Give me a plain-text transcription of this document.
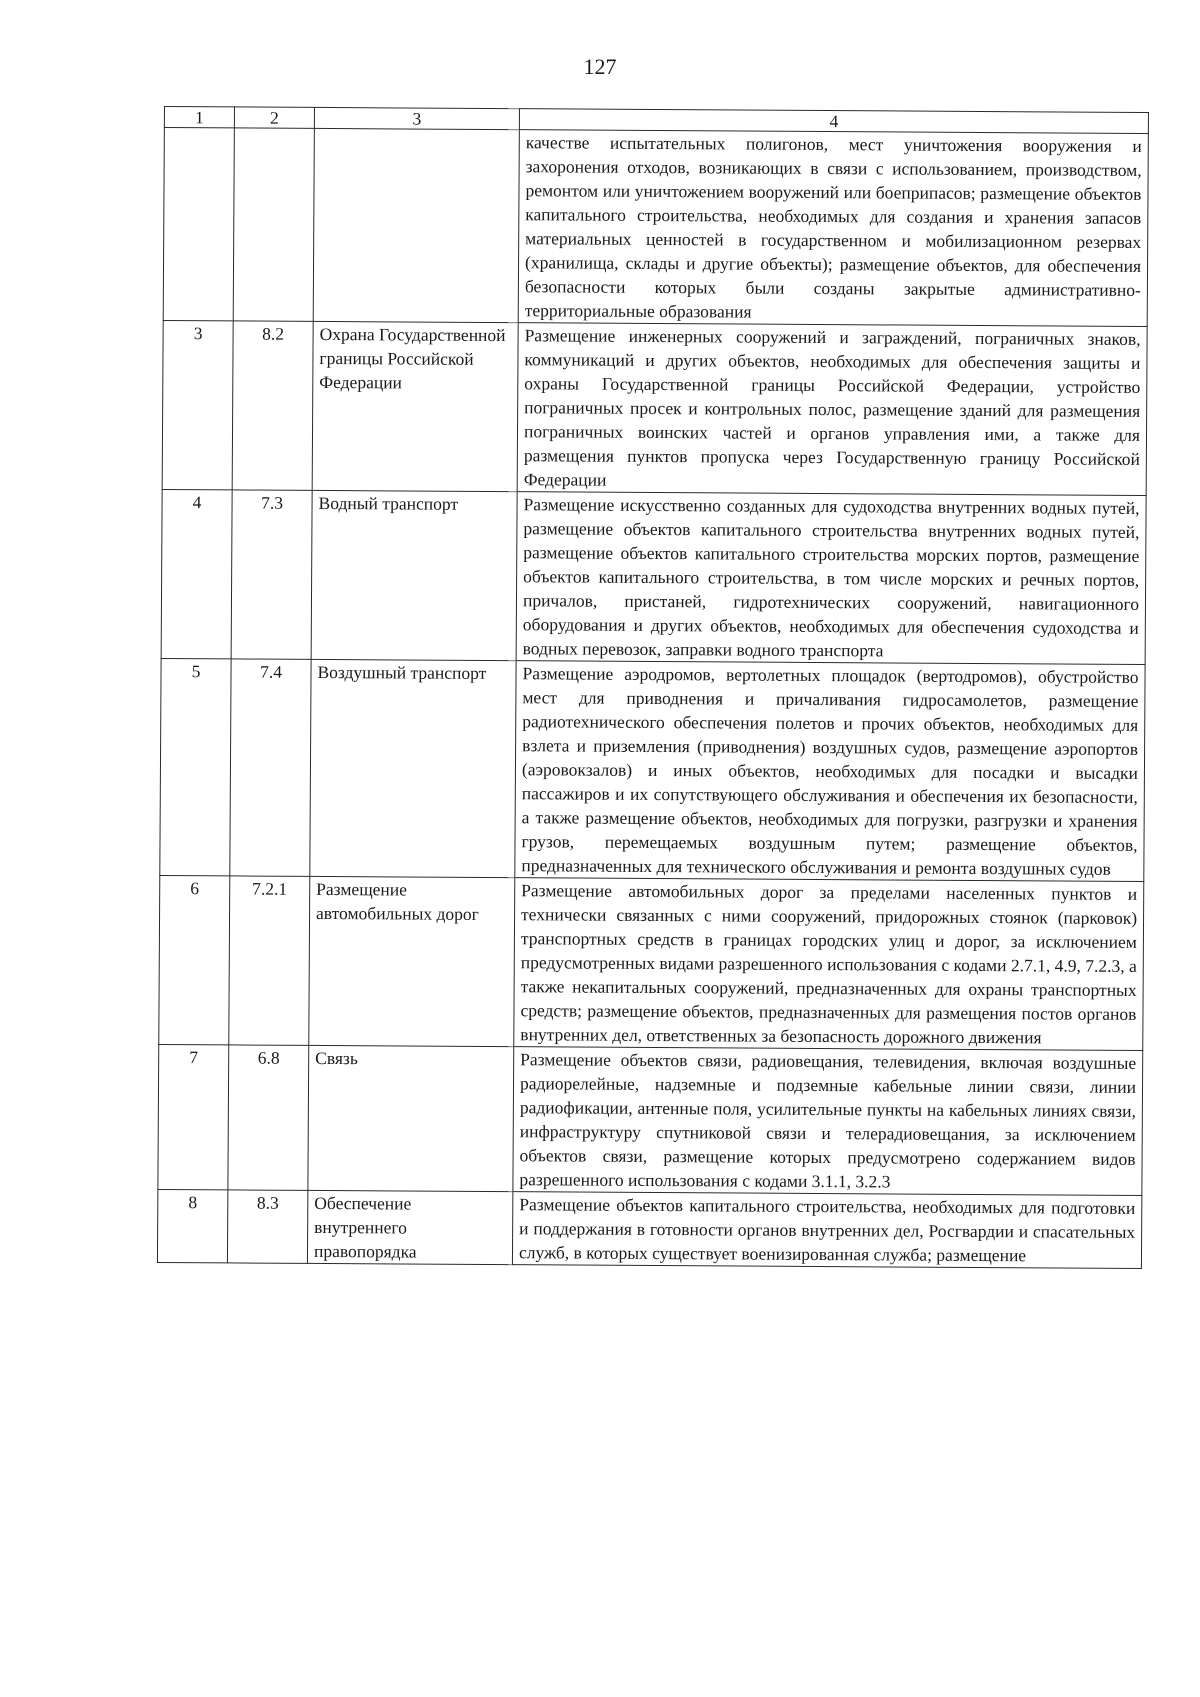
127
1	2	3	4
			качестве испытательных полигонов, мест уничтожения вооружения и захоронения отходов, возникающих в связи с использованием, производством, ремонтом или уничтожением вооружений или боеприпасов; размещение объектов капитального строительства, необходимых для создания и хранения запасов материальных ценностей в государственном и мобилизационном резервах (хранилища, склады и другие объекты); размещение объектов, для обеспечения безопасности которых были созданы закрытые административно-территориальные образования
3	8.2	Охрана Государственной границы Российской Федерации	Размещение инженерных сооружений и заграждений, пограничных знаков, коммуникаций и других объектов, необходимых для обеспечения защиты и охраны Государственной границы Российской Федерации, устройство пограничных просек и контрольных полос, размещение зданий для размещения пограничных воинских частей и органов управления ими, а также для размещения пунктов пропуска через Государственную границу Российской Федерации
4	7.3	Водный транспорт	Размещение искусственно созданных для судоходства внутренних водных путей, размещение объектов капитального строительства внутренних водных путей, размещение объектов капитального строительства морских портов, размещение объектов капитального строительства, в том числе морских и речных портов, причалов, пристаней, гидротехнических сооружений, навигационного оборудования и других объектов, необходимых для обеспечения судоходства и водных перевозок, заправки водного транспорта
5	7.4	Воздушный транспорт	Размещение аэродромов, вертолетных площадок (вертодромов), обустройство мест для приводнения и причаливания гидросамолетов, размещение радиотехнического обеспечения полетов и прочих объектов, необходимых для взлета и приземления (приводнения) воздушных судов, размещение аэропортов (аэровокзалов) и иных объектов, необходимых для посадки и высадки пассажиров и их сопутствующего обслуживания и обеспечения их безопасности, а также размещение объектов, необходимых для погрузки, разгрузки и хранения грузов, перемещаемых воздушным путем; размещение объектов, предназначенных для технического обслуживания и ремонта воздушных судов
6	7.2.1	Размещение автомобильных дорог	Размещение автомобильных дорог за пределами населенных пунктов и технически связанных с ними сооружений, придорожных стоянок (парковок) транспортных средств в границах городских улиц и дорог, за исключением предусмотренных видами разрешенного использования с кодами 2.7.1, 4.9, 7.2.3, а также некапитальных сооружений, предназначенных для охраны транспортных средств; размещение объектов, предназначенных для размещения постов органов внутренних дел, ответственных за безопасность дорожного движения
7	6.8	Связь	Размещение объектов связи, радиовещания, телевидения, включая воздушные радиорелейные, надземные и подземные кабельные линии связи, линии радиофикации, антенные поля, усилительные пункты на кабельных линиях связи, инфраструктуру спутниковой связи и телерадиовещания, за исключением объектов связи, размещение которых предусмотрено содержанием видов разрешенного использования с кодами 3.1.1, 3.2.3
8	8.3	Обеспечение внутреннего правопорядка	Размещение объектов капитального строительства, необходимых для подготовки и поддержания в готовности органов внутренних дел, Росгвардии и спасательных служб, в которых существует военизированная служба; размещение
